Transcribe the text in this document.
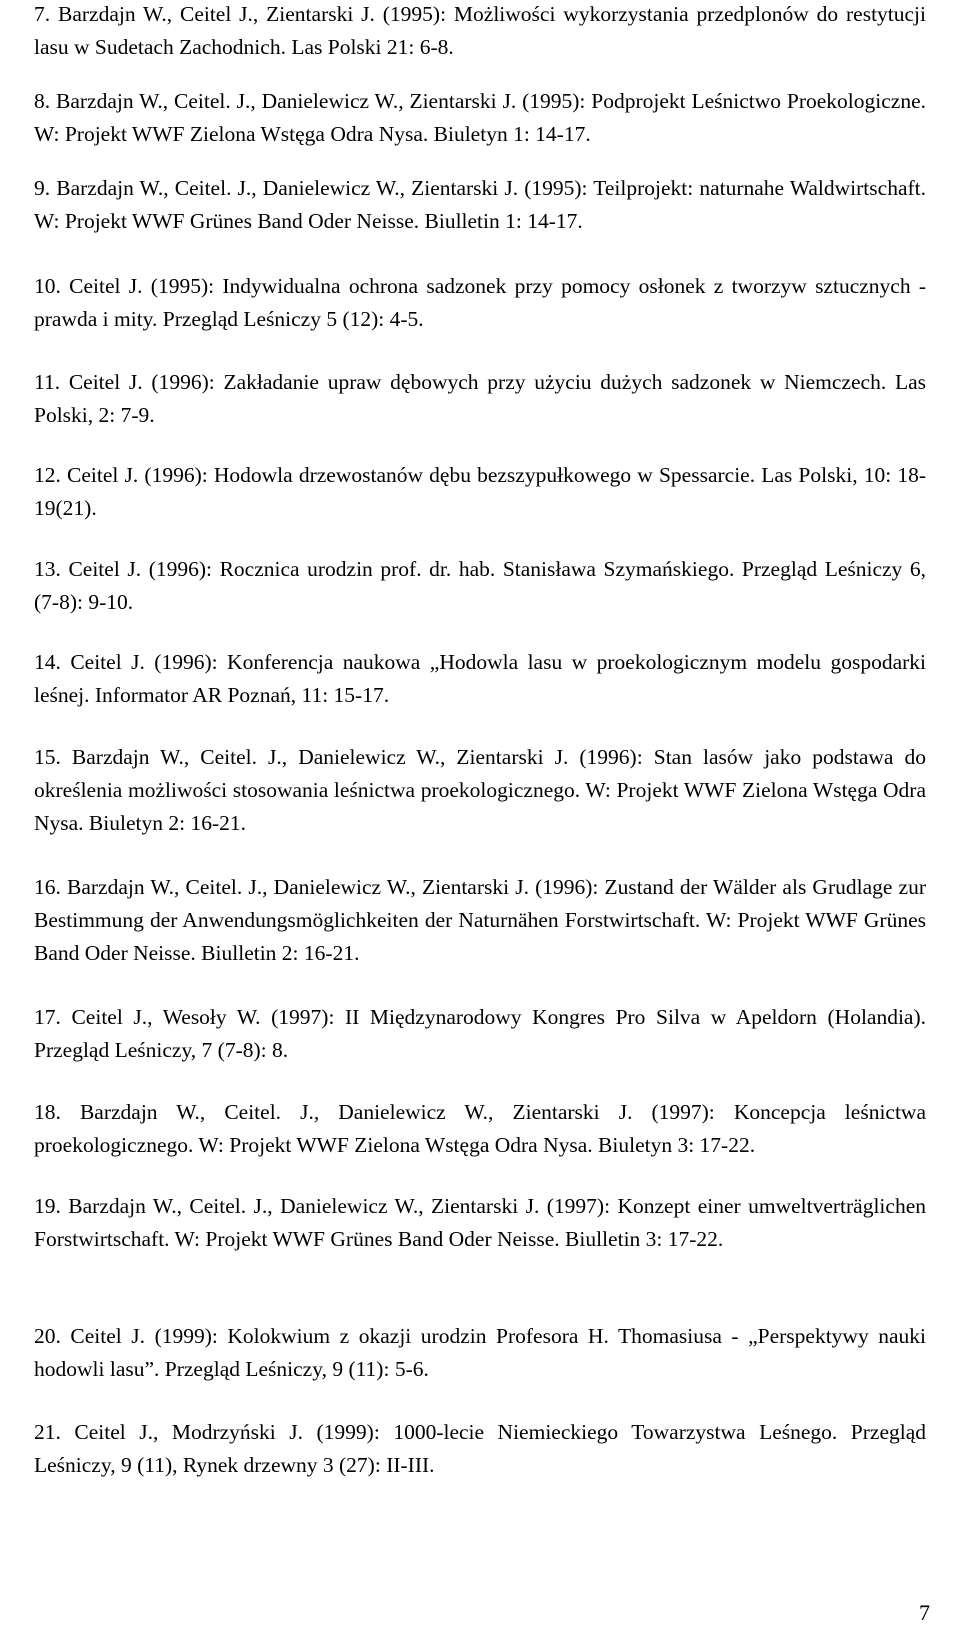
7. Barzdajn W., Ceitel J., Zientarski J. (1995): Możliwości wykorzystania przedplonów do restytucji lasu w Sudetach Zachodnich. Las Polski 21: 6-8.
8. Barzdajn W., Ceitel. J., Danielewicz W., Zientarski J. (1995): Podprojekt Leśnictwo Proekologiczne. W: Projekt WWF Zielona Wstęga Odra Nysa. Biuletyn 1: 14-17.
9. Barzdajn W., Ceitel. J., Danielewicz W., Zientarski J. (1995): Teilprojekt: naturnahe Waldwirtschaft. W: Projekt WWF Grünes Band Oder Neisse. Biulletin 1: 14-17.
10. Ceitel J. (1995): Indywidualna ochrona sadzonek przy pomocy osłonek z tworzyw sztucznych - prawda i mity. Przegląd Leśniczy 5 (12): 4-5.
11. Ceitel J. (1996): Zakładanie upraw dębowych przy użyciu dużych sadzonek w Niemczech. Las Polski, 2: 7-9.
12. Ceitel J. (1996): Hodowla drzewostanów dębu bezszypułkowego w Spessarcie. Las Polski, 10: 18-19(21).
13. Ceitel J. (1996): Rocznica urodzin prof. dr. hab. Stanisława Szymańskiego. Przegląd Leśniczy 6, (7-8): 9-10.
14. Ceitel J. (1996): Konferencja naukowa „Hodowla lasu w proekologicznym modelu gospodarki leśnej. Informator AR Poznań, 11: 15-17.
15. Barzdajn W., Ceitel. J., Danielewicz W., Zientarski J. (1996): Stan lasów jako podstawa do określenia możliwości stosowania leśnictwa proekologicznego. W: Projekt WWF Zielona Wstęga Odra Nysa. Biuletyn 2: 16-21.
16. Barzdajn W., Ceitel. J., Danielewicz W., Zientarski J. (1996): Zustand der Wälder als Grudlage zur Bestimmung der Anwendungsmöglichkeiten der Naturnähen Forstwirtschaft. W: Projekt WWF Grünes Band Oder Neisse. Biulletin 2: 16-21.
17. Ceitel J., Wesoły W. (1997): II Międzynarodowy Kongres Pro Silva w Apeldorn (Holandia). Przegląd Leśniczy, 7 (7-8): 8.
18. Barzdajn W., Ceitel. J., Danielewicz W., Zientarski J. (1997): Koncepcja leśnictwa proekologicznego. W: Projekt WWF Zielona Wstęga Odra Nysa. Biuletyn 3: 17-22.
19. Barzdajn W., Ceitel. J., Danielewicz W., Zientarski J. (1997): Konzept einer umweltverträglichen Forstwirtschaft. W: Projekt WWF Grünes Band Oder Neisse. Biulletin 3: 17-22.
20. Ceitel J. (1999): Kolokwium z okazji urodzin Profesora H. Thomasiusa - „Perspektywy nauki hodowli lasu”. Przegląd Leśniczy, 9 (11): 5-6.
21. Ceitel J., Modrzyński J. (1999): 1000-lecie Niemieckiego Towarzystwa Leśnego. Przegląd Leśniczy, 9 (11), Rynek drzewny 3 (27): II-III.
7
